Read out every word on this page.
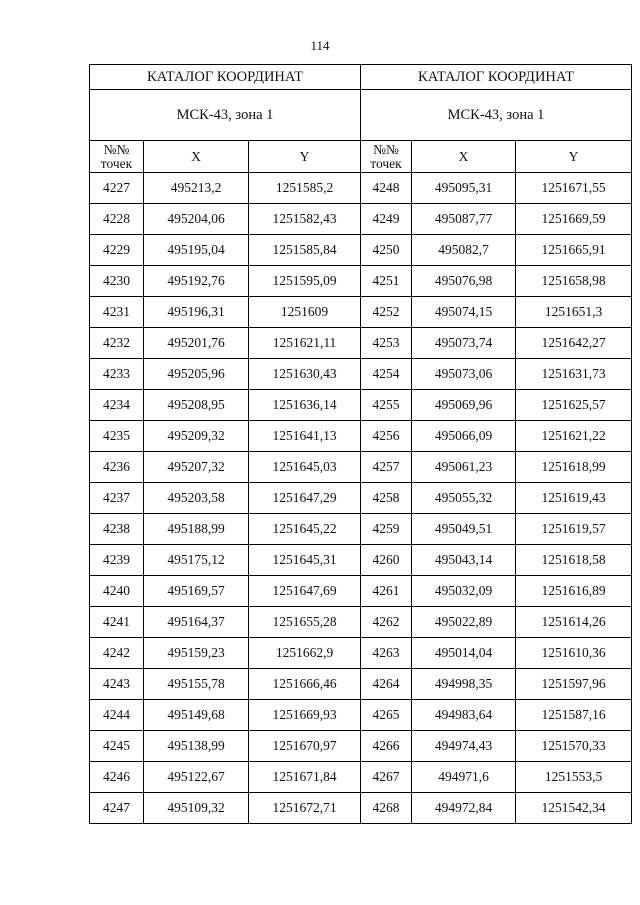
114
КАТАЛОГ КООРДИНАТ		
МСК-43, зона 1		
№№ точек	X	Y
4227	495213,2	1251585,2
4228	495204,06	1251582,43
4229	495195,04	1251585,84
4230	495192,76	1251595,09
4231	495196,31	1251609
4232	495201,76	1251621,11
4233	495205,96	1251630,43
4234	495208,95	1251636,14
4235	495209,32	1251641,13
4236	495207,32	1251645,03
4237	495203,58	1251647,29
4238	495188,99	1251645,22
4239	495175,12	1251645,31
4240	495169,57	1251647,69
4241	495164,37	1251655,28
4242	495159,23	1251662,9
4243	495155,78	1251666,46
4244	495149,68	1251669,93
4245	495138,99	1251670,97
4246	495122,67	1251671,84
4247	495109,32	1251672,71
КАТАЛОГ КООРДИНАТ		
МСК-43, зона 1		
№№ точек	X	Y
4248	495095,31	1251671,55
4249	495087,77	1251669,59
4250	495082,7	1251665,91
4251	495076,98	1251658,98
4252	495074,15	1251651,3
4253	495073,74	1251642,27
4254	495073,06	1251631,73
4255	495069,96	1251625,57
4256	495066,09	1251621,22
4257	495061,23	1251618,99
4258	495055,32	1251619,43
4259	495049,51	1251619,57
4260	495043,14	1251618,58
4261	495032,09	1251616,89
4262	495022,89	1251614,26
4263	495014,04	1251610,36
4264	494998,35	1251597,96
4265	494983,64	1251587,16
4266	494974,43	1251570,33
4267	494971,6	1251553,5
4268	494972,84	1251542,34
